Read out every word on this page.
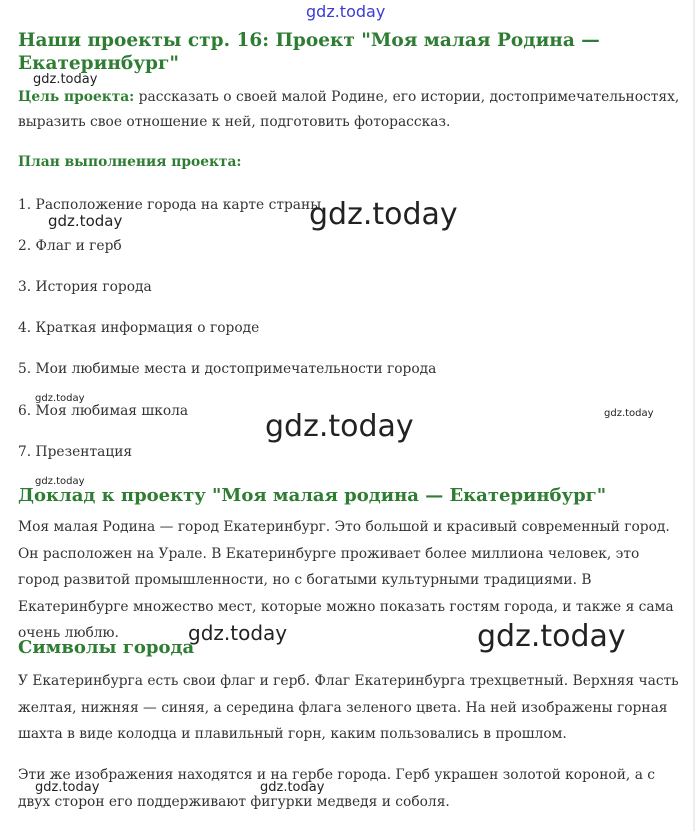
gdz.today
Наши проекты стр. 16: Проект "Моя малая Родина — Екатеринбург"
gdz.today

Цель проекта: рассказать о своей малой Родине, его истории, достопримечательностях, выразить свое отношение к ней, подготовить фоторассказ.

План выполнения проекта:

1. Расположение города на карте страны

2. Флаг и герб

3. История города

4. Краткая информация о городе

5. Мои любимые места и достопримечательности города

6. Моя любимая школа

7. Презентация

gdz.today
gdz.today
gdz.today
gdz.today	gdz.today
gdz.today
Доклад к проекту "Моя малая родина — Екатеринбург"

Моя малая Родина — город Екатеринбург. Это большой и красивый современный город. Он расположен на Урале. В Екатеринбурге проживает более миллиона человек, это город развитой промышленности, но с богатыми культурными традициями. В Екатеринбурге множество мест, которые можно показать гостям города, и также я сама очень люблю.

Символы города
gdz.today	gdz.today

У Екатеринбурга есть свои флаг и герб. Флаг Екатеринбурга трехцветный. Верхняя часть желтая, нижняя — синяя, а середина флага зеленого цвета. На ней изображены горная шахта в виде колодца и плавильный горн, каким пользовались в прошлом.

Эти же изображения находятся и на гербе города. Герб украшен золотой короной, а с двух сторон его поддерживают фигурки медведя и соболя.

gdz.today	gdz.today
